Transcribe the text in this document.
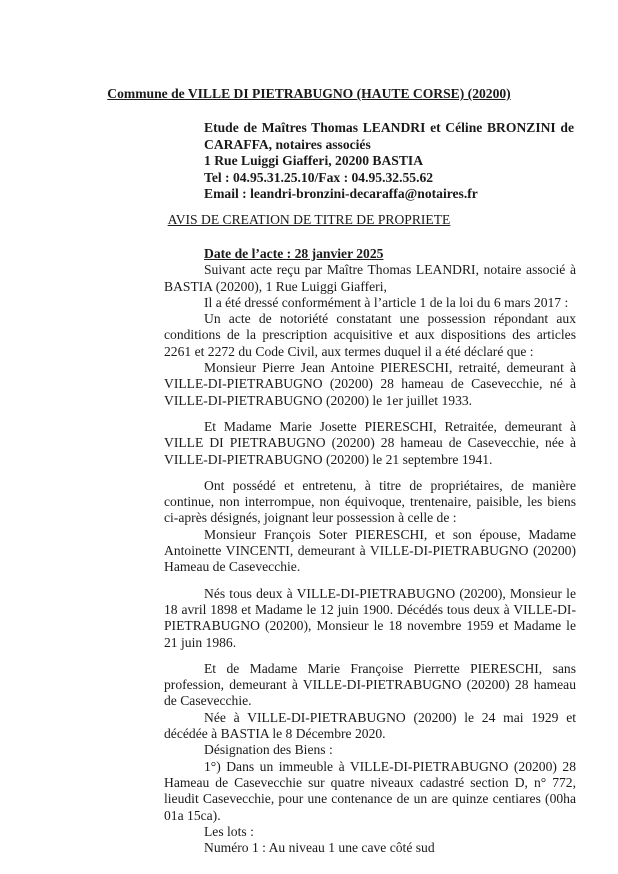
Commune de VILLE DI PIETRABUGNO (HAUTE CORSE) (20200)
Etude de Maîtres Thomas LEANDRI et Céline BRONZINI de CARAFFA, notaires associés
1 Rue Luiggi Giafferi, 20200 BASTIA
Tel : 04.95.31.25.10/Fax : 04.95.32.55.62
Email : leandri-bronzini-decaraffa@notaires.fr
AVIS DE CREATION DE TITRE DE PROPRIETE

Date de l’acte : 28 janvier 2025

Suivant acte reçu par Maître Thomas LEANDRI, notaire associé à BASTIA (20200), 1 Rue Luiggi Giafferi,

Il a été dressé conformément à l’article 1 de la loi du 6 mars 2017 :

Un acte de notoriété constatant une possession répondant aux conditions de la prescription acquisitive et aux dispositions des articles 2261 et 2272 du Code Civil, aux termes duquel il a été déclaré que :

Monsieur Pierre Jean Antoine PIERESCHI, retraité, demeurant à VILLE-DI-PIETRABUGNO (20200) 28 hameau de Casevecchie, né à VILLE-DI-PIETRABUGNO (20200) le 1er juillet 1933.

Et Madame Marie Josette PIERESCHI, Retraitée, demeurant à VILLE DI PIETRABUGNO (20200) 28 hameau de Casevecchie, née à VILLE-DI-PIETRABUGNO (20200) le 21 septembre 1941.

Ont possédé et entretenu, à titre de propriétaires, de manière continue, non interrompue, non équivoque, trentenaire, paisible, les biens ci-après désignés, joignant leur possession à celle de :

Monsieur François Soter PIERESCHI, et son épouse, Madame Antoinette VINCENTI, demeurant à VILLE-DI-PIETRABUGNO (20200) Hameau de Casevecchie.

Nés tous deux à VILLE-DI-PIETRABUGNO (20200), Monsieur le 18 avril 1898 et Madame le 12 juin 1900. Décédés tous deux à VILLE-DI-PIETRABUGNO (20200), Monsieur le 18 novembre 1959 et Madame le 21 juin 1986.

Et de Madame Marie Françoise Pierrette PIERESCHI, sans profession, demeurant à VILLE-DI-PIETRABUGNO (20200) 28 hameau de Casevecchie.

Née à VILLE-DI-PIETRABUGNO (20200) le 24 mai 1929 et décédée à BASTIA le 8 Décembre 2020.

Désignation des Biens :

1°) Dans un immeuble à VILLE-DI-PIETRABUGNO (20200) 28 Hameau de Casevecchie sur quatre niveaux cadastré section D, n° 772, lieudit Casevecchie, pour une contenance de un are quinze centiares (00ha 01a 15ca).

Les lots :

Numéro 1 : Au niveau 1 une cave côté sud
